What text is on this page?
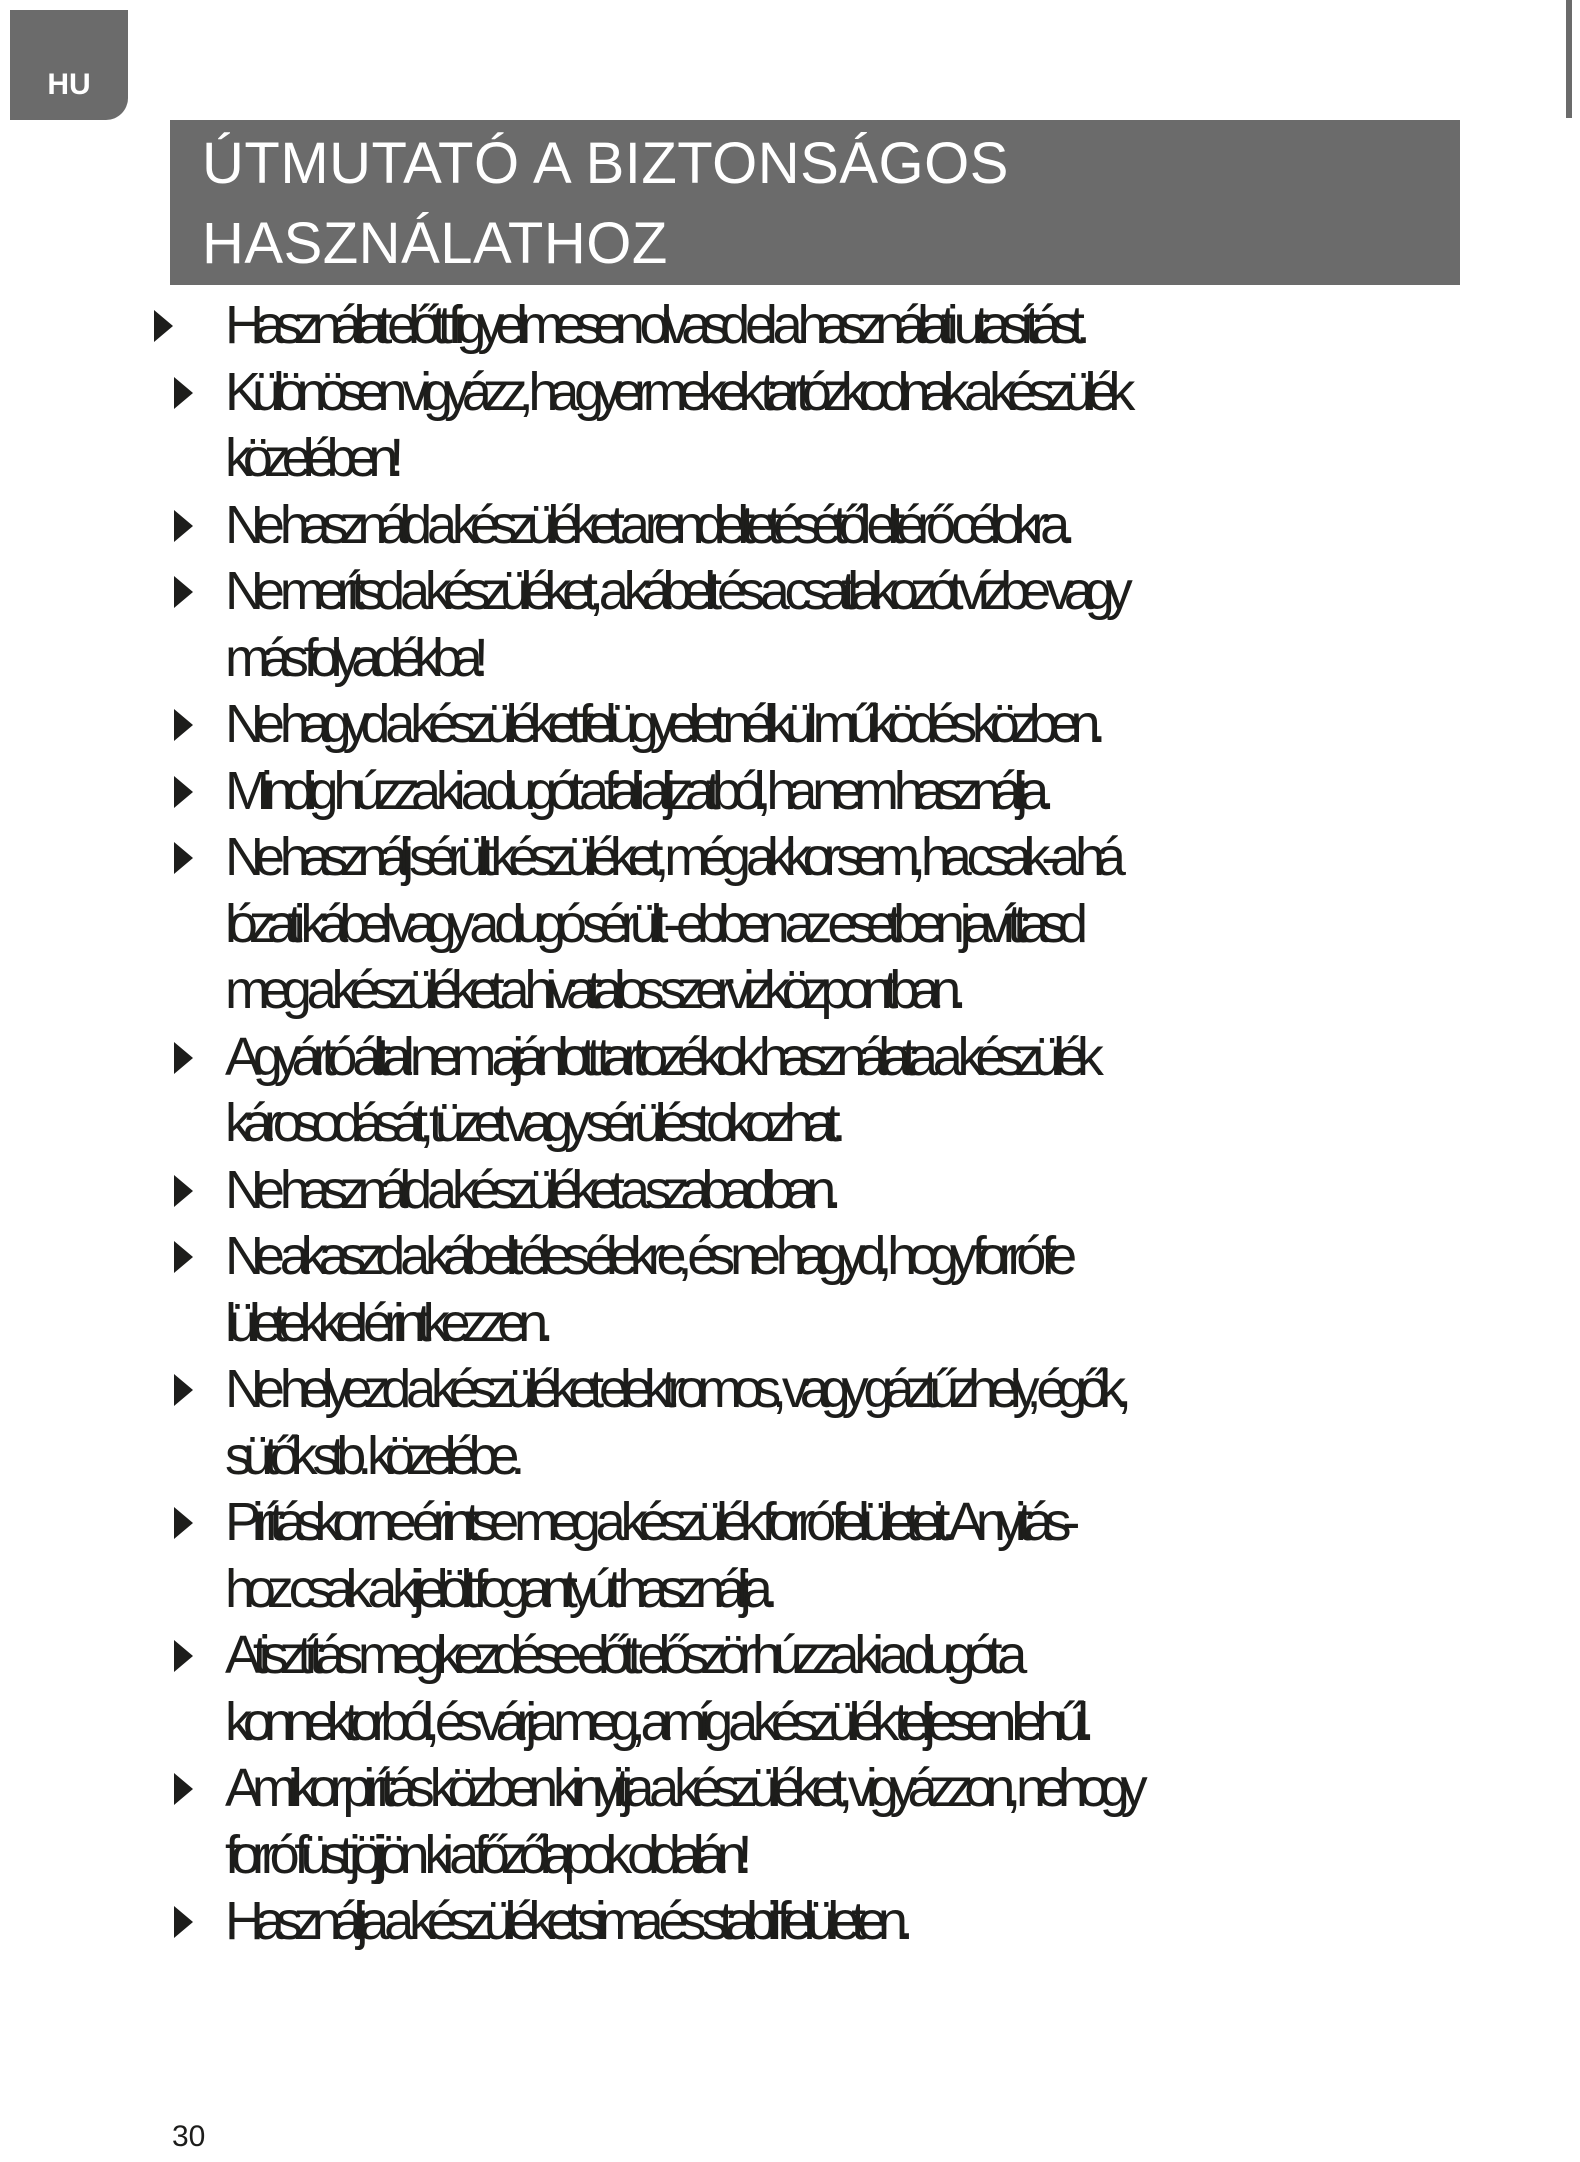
HU
ÚTMUTATÓ A BIZTONSÁGOS
HASZNÁLATHOZ
Használat előtt figyelmesen olvasd el a használati utasítást.
Különösen vigyázz, ha gyermekek tartózkodnak a készülék
közelében!
Ne használd a készüléket a rendeltetésétől eltérő célokra.
Ne merítsd a készüléket, a kábelt és a csatlakozót vízbe vagy
más folyadékba!
Ne hagyd a készüléket felügyelet nélkül működés közben.
Mindig húzza ki a dugót a fali aljzatból, ha nem használja.
Ne használj sérült készüléket, még akkor sem, ha csak-a há
lózati kábel vagy a dugó sérült - ebben az esetben javíttasd
meg a készüléket a hivatalos szervizközpontban.
A gyártó által nem ajánlott tartozékok használata a készülék
károsodását, tüzet vagy sérülést okozhat.
Ne használd a készüléket a szabadban.
Ne akaszd a kábelt éles élekre, és ne hagyd, hogy forró fe
lületekkel érintkezzen.
Ne helyezd a készüléket elektromos, vagy gáztűzhely, égők,
sütők stb. közelébe.
Pirításkor ne érintse meg a készülék forró felületeit. A nyitás-
hoz csak a kijelölt fogantyút használja.
A tisztítás megkezdése előtt először húzza ki a dugót a
konnektorból, és várja meg, amíg a készülék teljesen lehűl.
Amikor pirítás közben kinyitja a készüléket, vigyázzon, nehogy
forró füst jöjjön ki a főzőlapok oldalán!
Használja a készüléket sima és stabil felületen.
30
